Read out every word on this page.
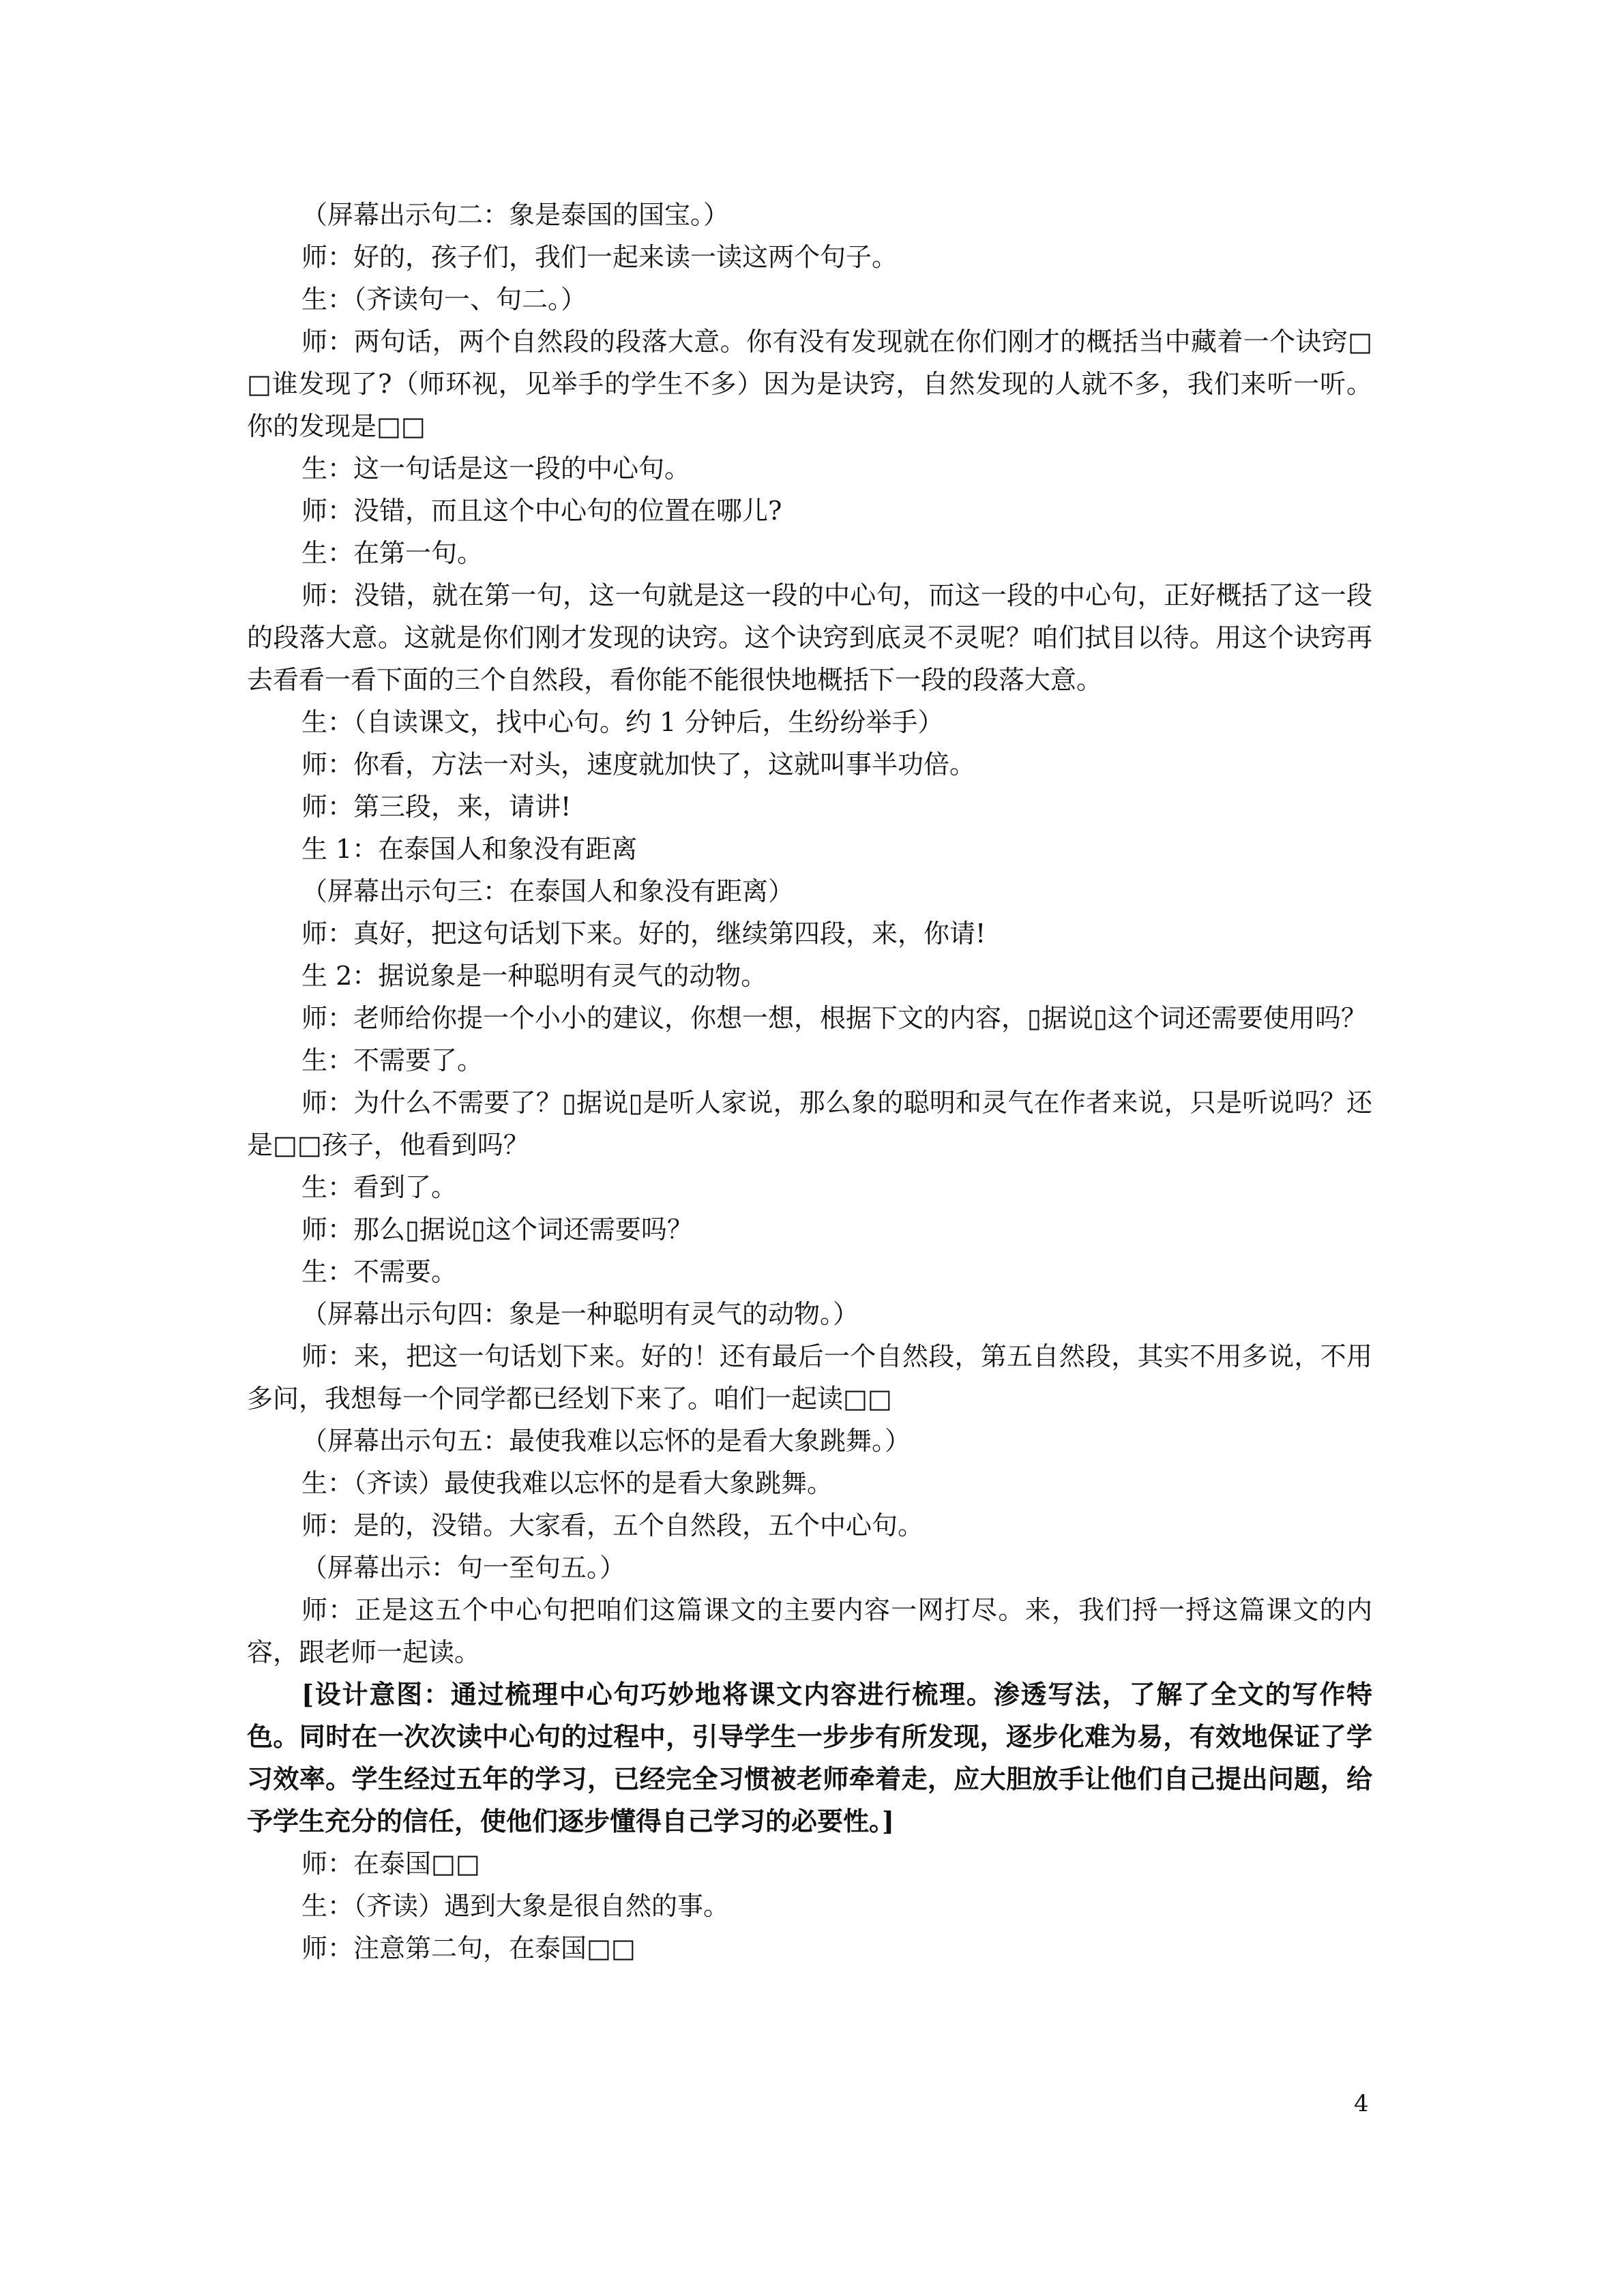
（屏幕出示句二：象是泰国的国宝。）

师：好的，孩子们，我们一起来读一读这两个句子。

生：（齐读句一、句二。）

师：两句话，两个自然段的段落大意。你有没有发现就在你们刚才的概括当中藏着一个诀窍□□谁发现了?（师环视，见举手的学生不多）因为是诀窍，自然发现的人就不多，我们来听一听。你的发现是□□

生：这一句话是这一段的中心句。

师：没错，而且这个中心句的位置在哪儿?

生：在第一句。

师：没错，就在第一句，这一句就是这一段的中心句，而这一段的中心句，正好概括了这一段的段落大意。这就是你们刚才发现的诀窍。这个诀窍到底灵不灵呢？咱们拭目以待。用这个诀窍再去看看一看下面的三个自然段，看你能不能很快地概括下一段的段落大意。

生：（自读课文，找中心句。约 1 分钟后，生纷纷举手）

师：你看，方法一对头，速度就加快了，这就叫事半功倍。

师：第三段，来，请讲!

生 1：在泰国人和象没有距离

（屏幕出示句三：在泰国人和象没有距离）

师：真好，把这句话划下来。好的，继续第四段，来，你请!

生 2：据说象是一种聪明有灵气的动物。

师：老师给你提一个小小的建议，你想一想，根据下文的内容，▯据说▯这个词还需要使用吗？

生：不需要了。

师：为什么不需要了？▯据说▯是听人家说，那么象的聪明和灵气在作者来说，只是听说吗？还是□□孩子，他看到吗？

生：看到了。

师：那么▯据说▯这个词还需要吗？

生：不需要。

（屏幕出示句四：象是一种聪明有灵气的动物。）

师：来，把这一句话划下来。好的！还有最后一个自然段，第五自然段，其实不用多说，不用多问，我想每一个同学都已经划下来了。咱们一起读□□

（屏幕出示句五：最使我难以忘怀的是看大象跳舞。）

生：（齐读）最使我难以忘怀的是看大象跳舞。

师：是的，没错。大家看，五个自然段，五个中心句。

（屏幕出示：句一至句五。）

师：正是这五个中心句把咱们这篇课文的主要内容一网打尽。来，我们捋一捋这篇课文的内容，跟老师一起读。

[设计意图：通过梳理中心句巧妙地将课文内容进行梳理。渗透写法，了解了全文的写作特色。同时在一次次读中心句的过程中，引导学生一步步有所发现，逐步化难为易，有效地保证了学习效率。学生经过五年的学习，已经完全习惯被老师牵着走，应大胆放手让他们自己提出问题，给予学生充分的信任，使他们逐步懂得自己学习的必要性。]

师：在泰国□□

生：（齐读）遇到大象是很自然的事。

师：注意第二句，在泰国□□

4
